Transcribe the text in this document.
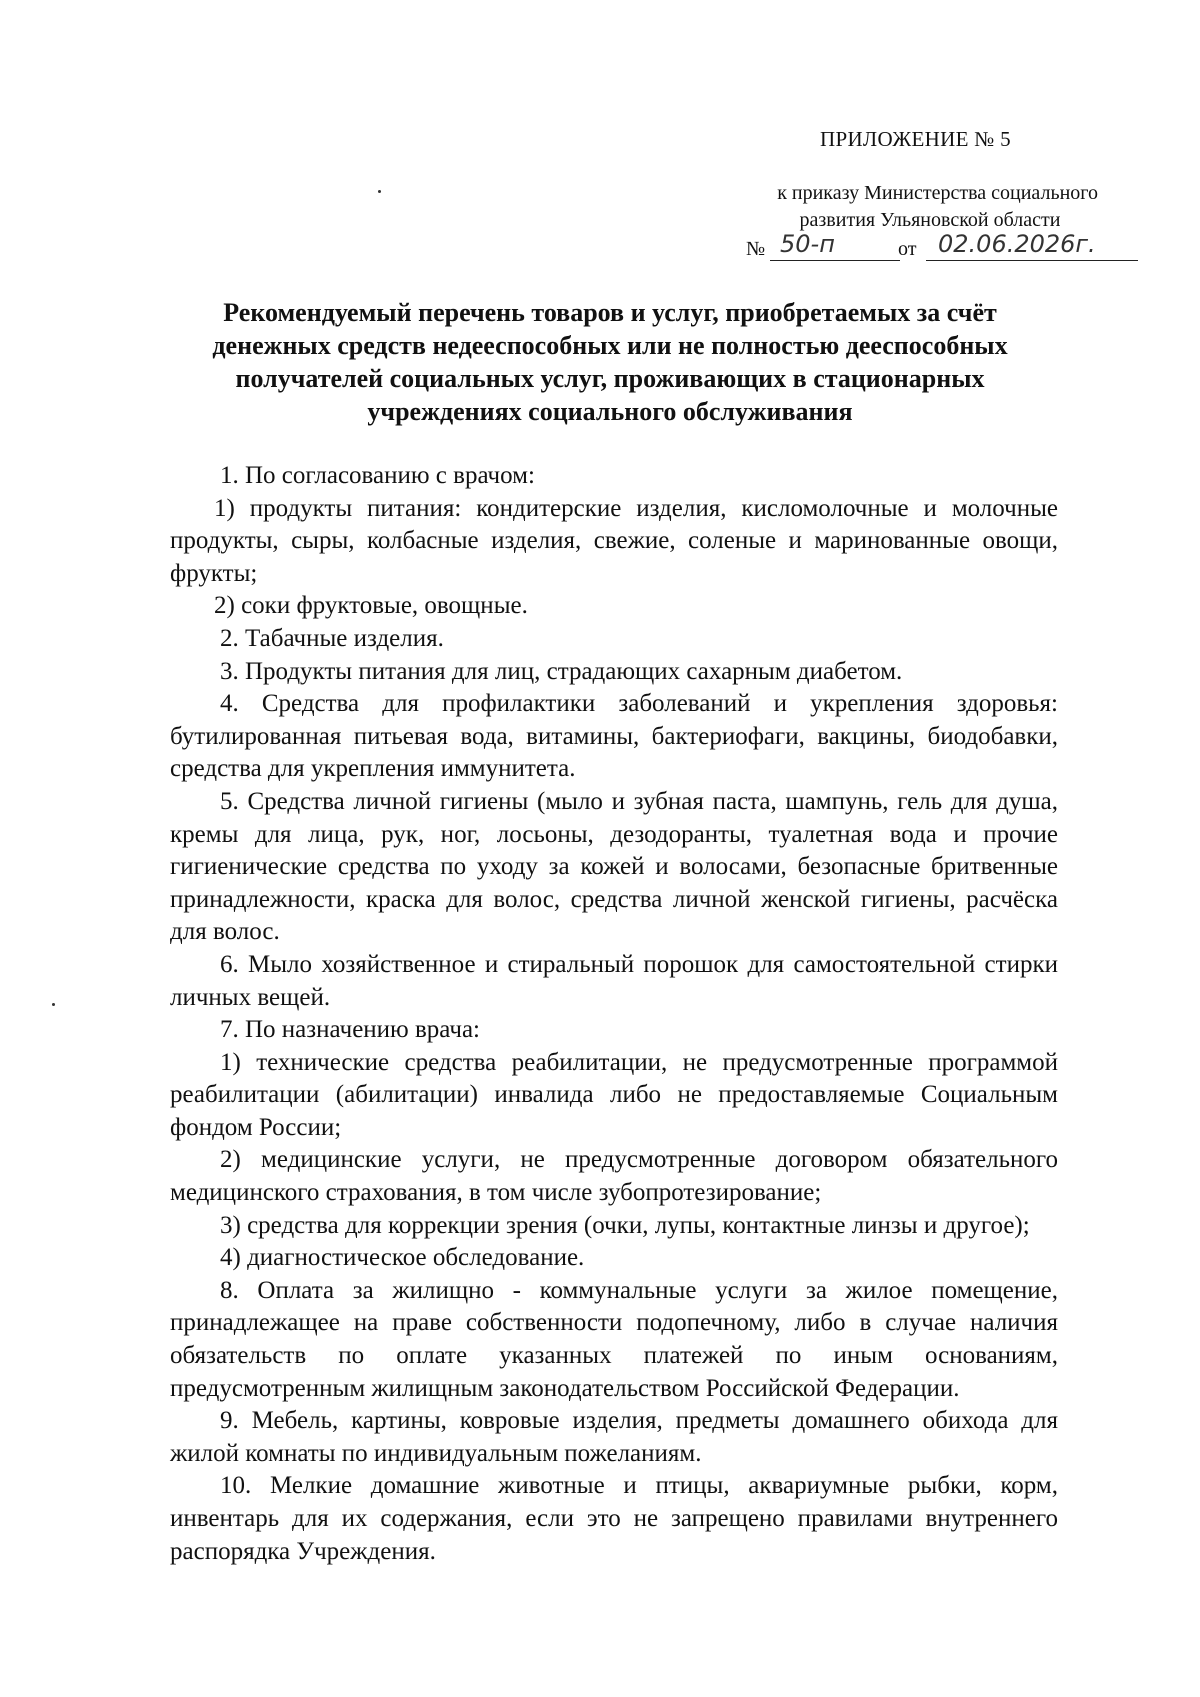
ПРИЛОЖЕНИЕ № 5
к приказу Министерства социального
развития Ульяновской области
№ 50-п	от 02.06.2026г.
Рекомендуемый перечень товаров и услуг, приобретаемых за счёт денежных средств недееспособных или не полностью дееспособных получателей социальных услуг, проживающих в стационарных учреждениях социального обслуживания

1. По согласованию с врачом:

1) продукты питания: кондитерские изделия, кисломолочные и молочные продукты, сыры, колбасные изделия, свежие, соленые и маринованные овощи, фрукты;

2) соки фруктовые, овощные.

2. Табачные изделия.

3. Продукты питания для лиц, страдающих сахарным диабетом.

4. Средства для профилактики заболеваний и укрепления здоровья: бутилированная питьевая вода, витамины, бактериофаги, вакцины, биодобавки, средства для укрепления иммунитета.

5. Средства личной гигиены (мыло и зубная паста, шампунь, гель для душа, кремы для лица, рук, ног, лосьоны, дезодоранты, туалетная вода и прочие гигиенические средства по уходу за кожей и волосами, безопасные бритвенные принадлежности, краска для волос, средства личной женской гигиены, расчёска для волос.

6. Мыло хозяйственное и стиральный порошок для самостоятельной стирки личных вещей.

7. По назначению врача:

1) технические средства реабилитации, не предусмотренные программой реабилитации (абилитации) инвалида либо не предоставляемые Социальным фондом России;

2) медицинские услуги, не предусмотренные договором обязательного медицинского страхования, в том числе зубопротезирование;

3) средства для коррекции зрения (очки, лупы, контактные линзы и другое);

4) диагностическое обследование.

8. Оплата за жилищно - коммунальные услуги за жилое помещение, принадлежащее на праве собственности подопечному, либо в случае наличия обязательств по оплате указанных платежей по иным основаниям, предусмотренным жилищным законодательством Российской Федерации.

9. Мебель, картины, ковровые изделия, предметы домашнего обихода для жилой комнаты по индивидуальным пожеланиям.

10. Мелкие домашние животные и птицы, аквариумные рыбки, корм, инвентарь для их содержания, если это не запрещено правилами внутреннего распорядка Учреждения.
